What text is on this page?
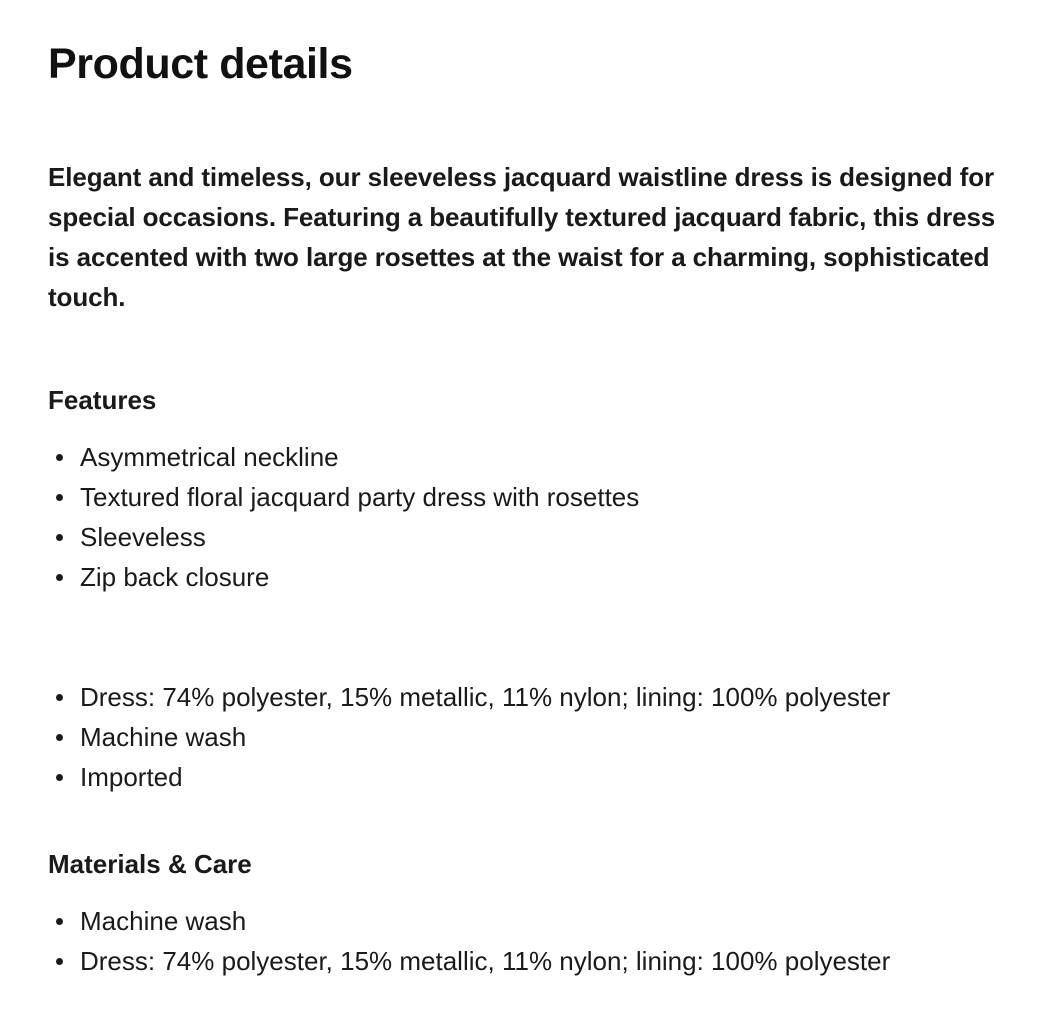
Product details

Elegant and timeless, our sleeveless jacquard waistline dress is designed for special occasions. Featuring a beautifully textured jacquard fabric, this dress is accented with two large rosettes at the waist for a charming, sophisticated touch.

Features
Asymmetrical neckline
Textured floral jacquard party dress with rosettes
Sleeveless
Zip back closure
Dress: 74% polyester, 15% metallic, 11% nylon; lining: 100% polyester
Machine wash
Imported
Materials & Care
Machine wash
Dress: 74% polyester, 15% metallic, 11% nylon; lining: 100% polyester
